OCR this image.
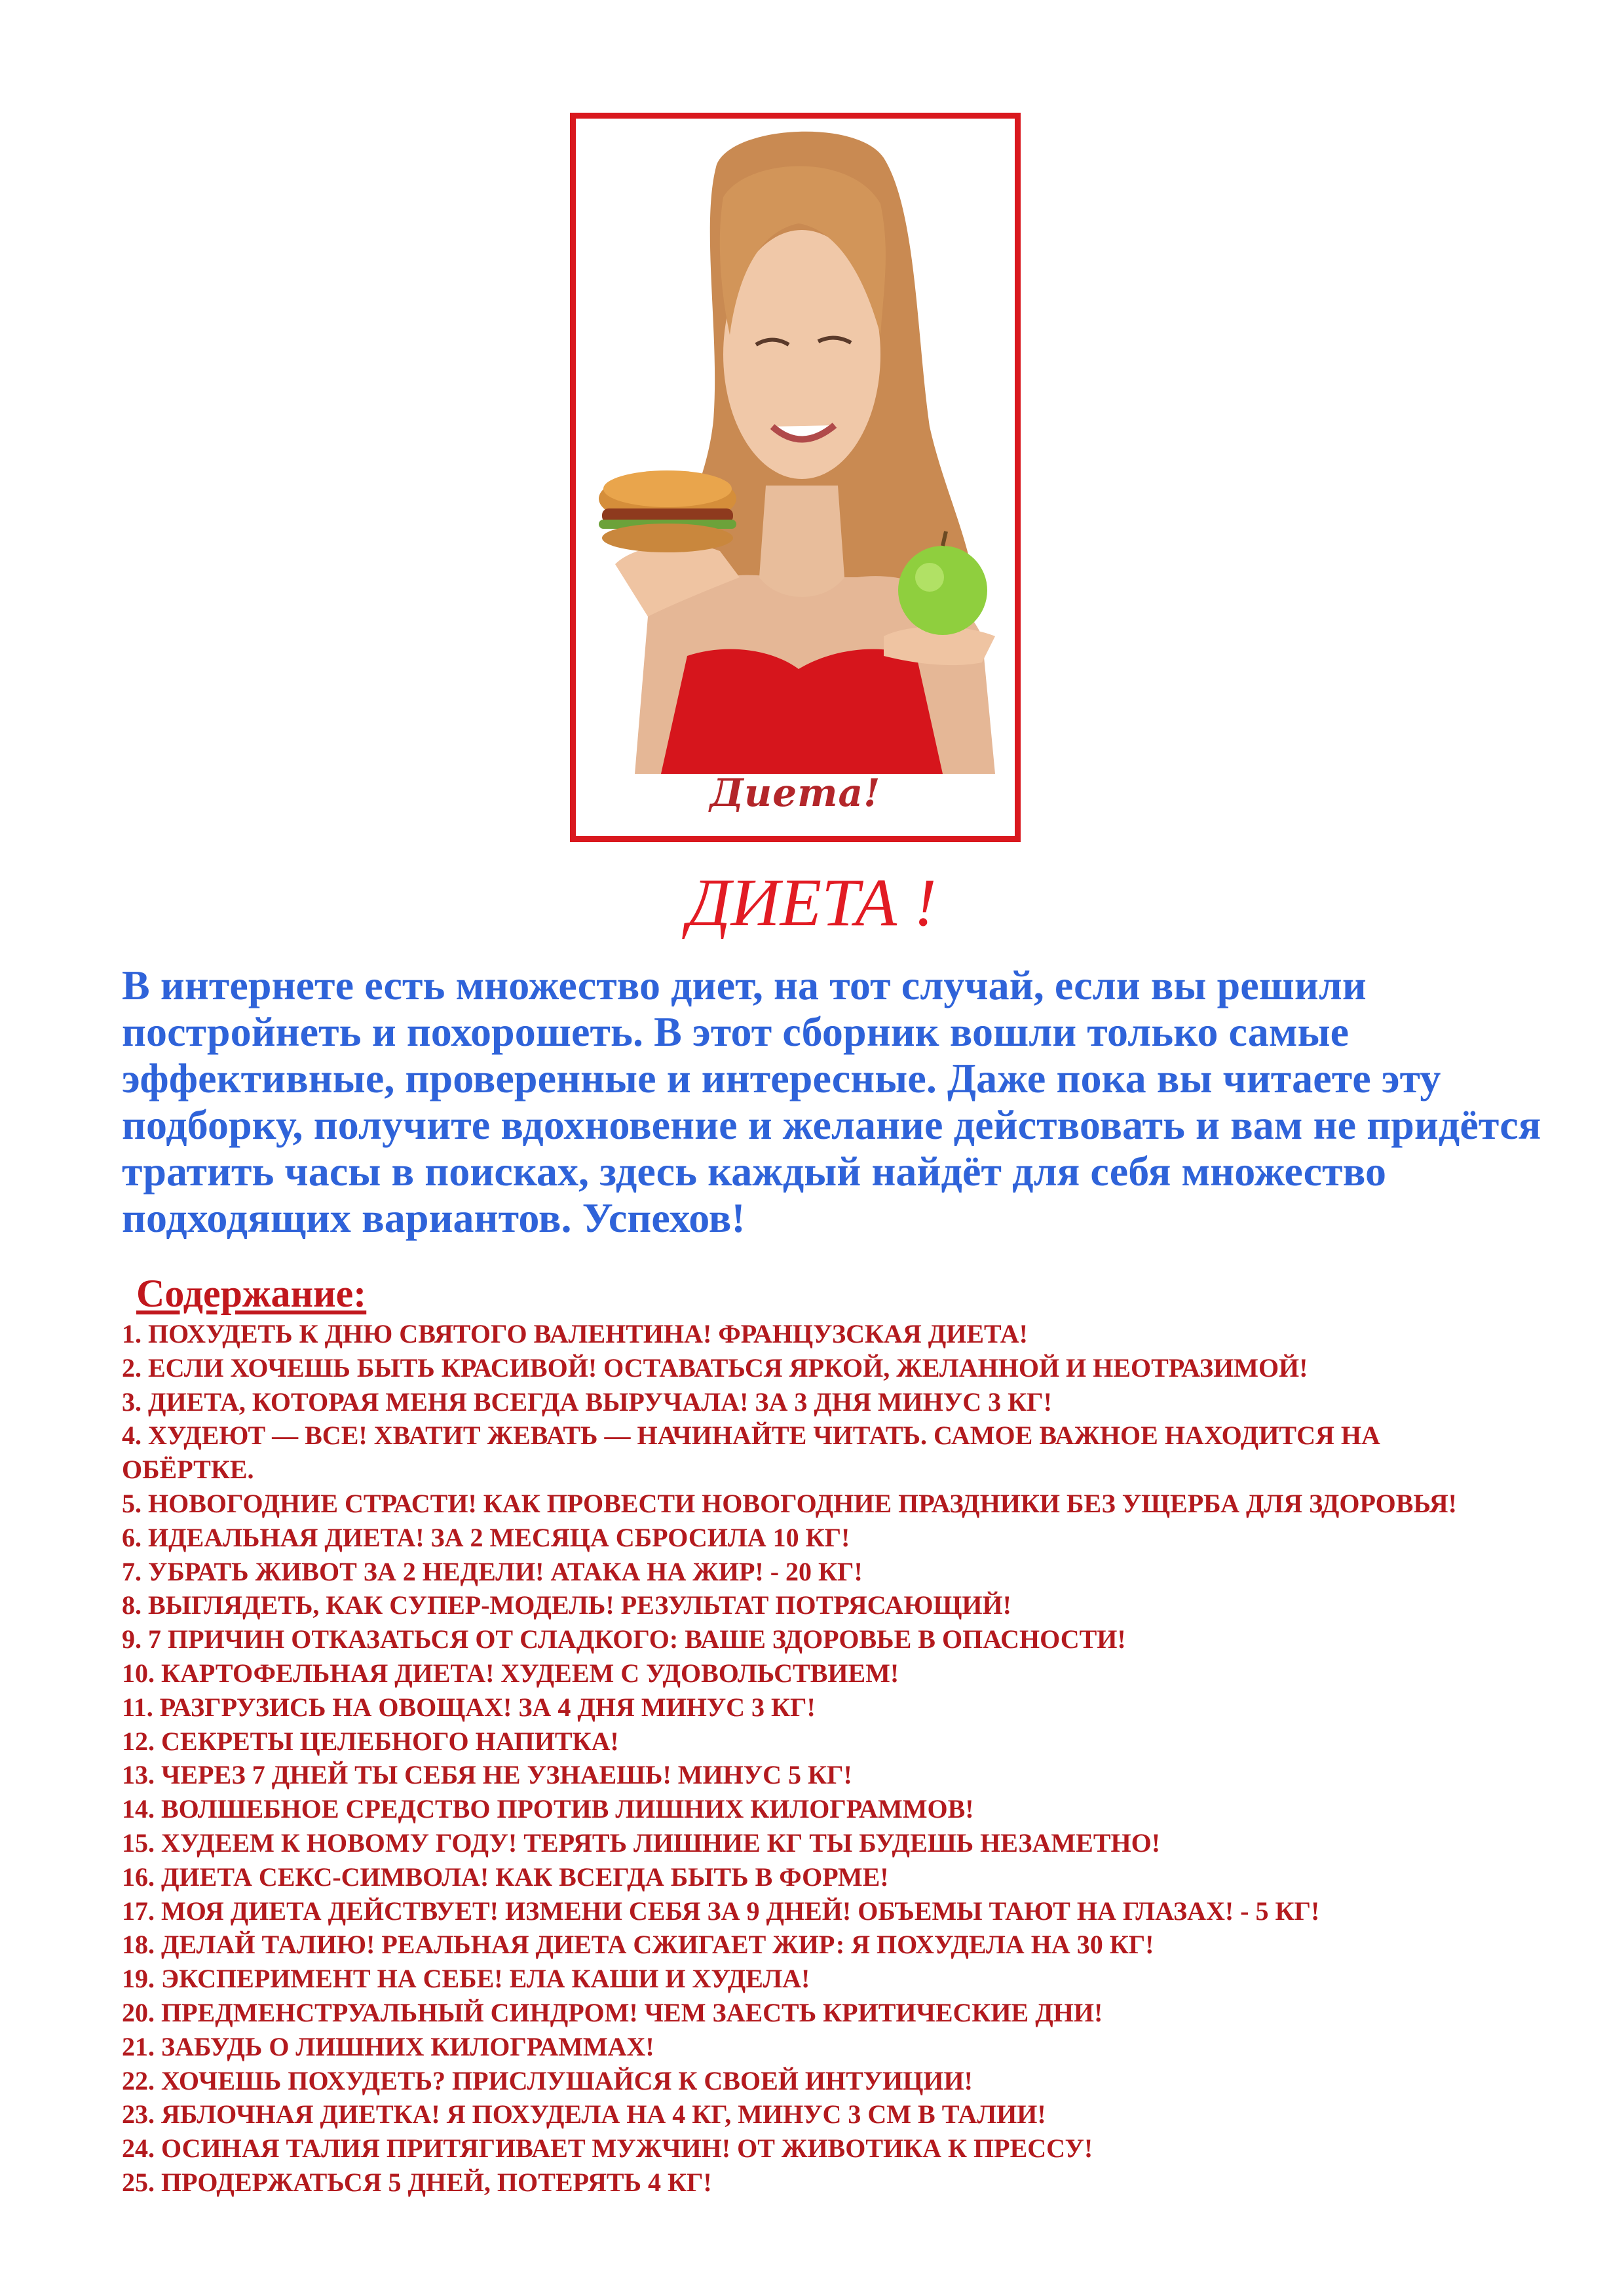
Диета!
ДИЕТА !

В интернете есть множество диет, на тот случай, если вы решили постройнеть и похорошеть. В этот сборник вошли только самые эффективные, проверенные и интересные. Даже пока вы читаете эту подборку, получите вдохновение и желание действовать и вам не придётся тратить часы в поисках, здесь каждый найдёт для себя множество подходящих вариантов. Успехов!

Содержание:
1. ПОХУДЕТЬ К ДНЮ СВЯТОГО ВАЛЕНТИНА! ФРАНЦУЗСКАЯ ДИЕТА!
2. ЕСЛИ ХОЧЕШЬ БЫТЬ КРАСИВОЙ! ОСТАВАТЬСЯ ЯРКОЙ, ЖЕЛАННОЙ И НЕОТРАЗИМОЙ!
3. ДИЕТА, КОТОРАЯ МЕНЯ ВСЕГДА ВЫРУЧАЛА! ЗА 3 ДНЯ МИНУС 3 КГ!
4. ХУДЕЮТ — ВСЕ! ХВАТИТ ЖЕВАТЬ — НАЧИНАЙТЕ ЧИТАТЬ. САМОЕ ВАЖНОЕ НАХОДИТСЯ НА ОБЁРТКЕ.
5. НОВОГОДНИЕ СТРАСТИ! КАК ПРОВЕСТИ НОВОГОДНИЕ ПРАЗДНИКИ БЕЗ УЩЕРБА ДЛЯ ЗДОРОВЬЯ!
6. ИДЕАЛЬНАЯ ДИЕТА! ЗА 2 МЕСЯЦА СБРОСИЛА 10 КГ!
7. УБРАТЬ ЖИВОТ ЗА 2 НЕДЕЛИ! АТАКА НА ЖИР! - 20 КГ!
8. ВЫГЛЯДЕТЬ, КАК СУПЕР-МОДЕЛЬ! РЕЗУЛЬТАТ ПОТРЯСАЮЩИЙ!
9. 7 ПРИЧИН ОТКАЗАТЬСЯ ОТ СЛАДКОГО: ВАШЕ ЗДОРОВЬЕ В ОПАСНОСТИ!
10. КАРТОФЕЛЬНАЯ ДИЕТА! ХУДЕЕМ С УДОВОЛЬСТВИЕМ!
11. РАЗГРУЗИСЬ НА ОВОЩАХ! ЗА 4 ДНЯ МИНУС 3 КГ!
12. СЕКРЕТЫ ЦЕЛЕБНОГО НАПИТКА!
13. ЧЕРЕЗ 7 ДНЕЙ ТЫ СЕБЯ НЕ УЗНАЕШЬ! МИНУС 5 КГ!
14. ВОЛШЕБНОЕ СРЕДСТВО ПРОТИВ ЛИШНИХ КИЛОГРАММОВ!
15. ХУДЕЕМ К НОВОМУ ГОДУ! ТЕРЯТЬ ЛИШНИЕ КГ ТЫ БУДЕШЬ НЕЗАМЕТНО!
16. ДИЕТА СЕКС-СИМВОЛА! КАК ВСЕГДА БЫТЬ В ФОРМЕ!
17. МОЯ ДИЕТА ДЕЙСТВУЕТ! ИЗМЕНИ СЕБЯ ЗА 9 ДНЕЙ! ОБЪЕМЫ ТАЮТ НА ГЛАЗАХ! - 5 КГ!
18. ДЕЛАЙ ТАЛИЮ! РЕАЛЬНАЯ ДИЕТА СЖИГАЕТ ЖИР: Я ПОХУДЕЛА НА 30 КГ!
19. ЭКСПЕРИМЕНТ НА СЕБЕ! ЕЛА КАШИ И ХУДЕЛА!
20. ПРЕДМЕНСТРУАЛЬНЫЙ СИНДРОМ! ЧЕМ ЗАЕСТЬ КРИТИЧЕСКИЕ ДНИ!
21. ЗАБУДЬ О ЛИШНИХ КИЛОГРАММАХ!
22. ХОЧЕШЬ ПОХУДЕТЬ? ПРИСЛУШАЙСЯ К СВОЕЙ ИНТУИЦИИ!
23. ЯБЛОЧНАЯ ДИЕТКА! Я ПОХУДЕЛА НА 4 КГ, МИНУС 3 СМ В ТАЛИИ!
24. ОСИНАЯ ТАЛИЯ ПРИТЯГИВАЕТ МУЖЧИН! ОТ ЖИВОТИКА К ПРЕССУ!
25. ПРОДЕРЖАТЬСЯ 5 ДНЕЙ, ПОТЕРЯТЬ 4 КГ!
